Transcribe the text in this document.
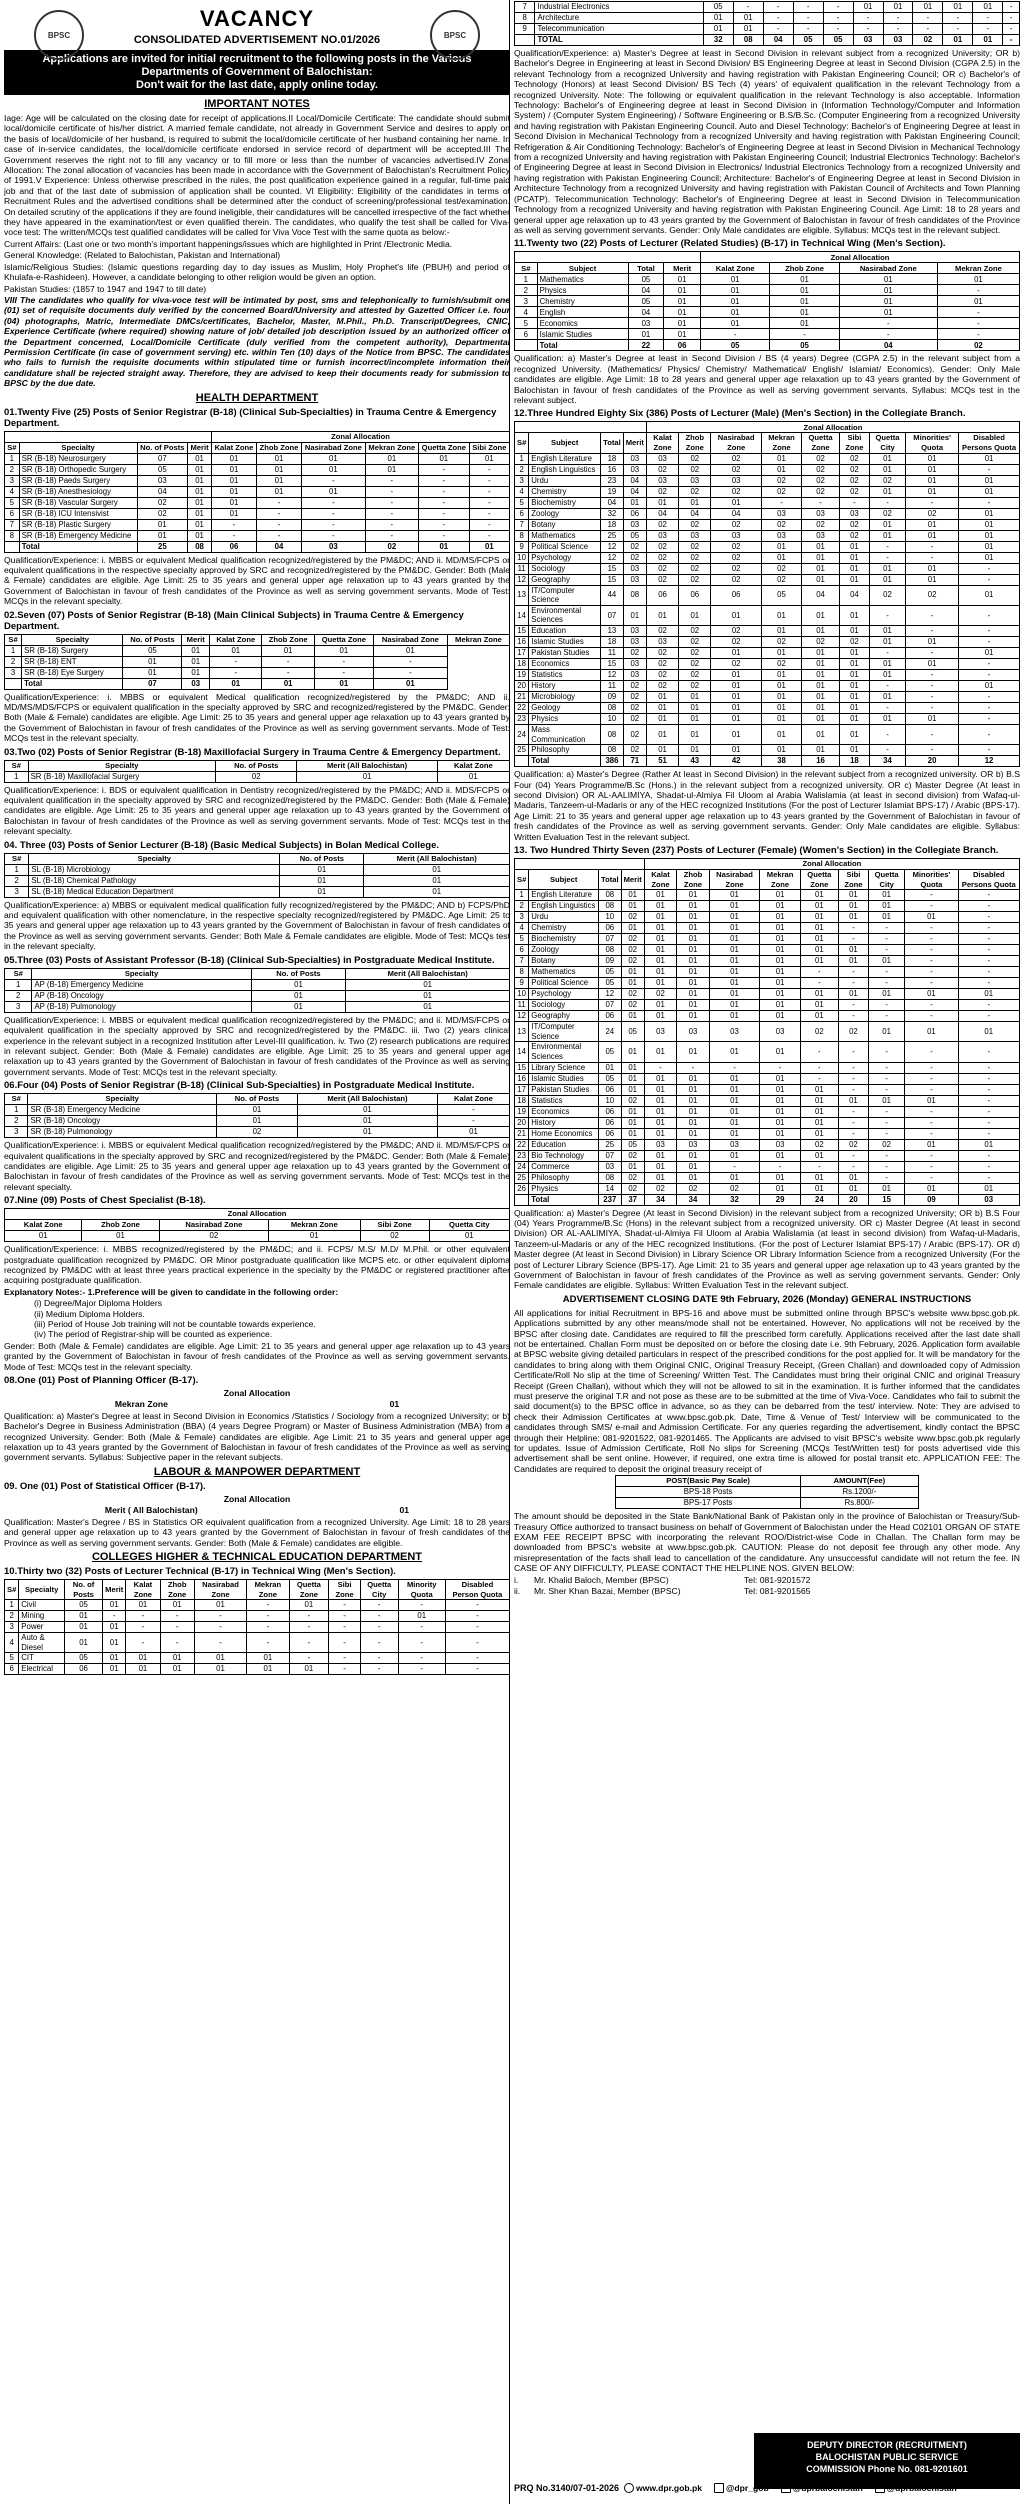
BPSC	BPSC
VACANCY
CONSOLIDATED ADVERTISEMENT NO.01/2026
Applications are invited for initial recruitment to the following posts in the Various Departments of Government of Balochistan:
Don't wait for the last date, apply online today.
IMPORTANT NOTES
Iage: Age will be calculated on the closing date for receipt of applications.II Local/Domicile Certificate: The candidate should submit local/domicile certificate of his/her district. A married female candidate, not already in Government Service and desires to apply on the basis of local/domicile of her husband, is required to submit the local/domicile certificate of her husband containing her name. In case of in-service candidates, the local/domicile certificate endorsed in service record of department will be accepted.III The Government reserves the right not to fill any vacancy or to fill more or less than the number of vacancies advertised.IV Zonal Allocation: The zonal allocation of vacancies has been made in accordance with the Government of Balochistan's Recruitment Policy of 1991.V Experience: Unless otherwise prescribed in the rules, the post qualification experience gained in a regular, full-time paid job and that of the last date of submission of application shall be counted. VI Eligibility: Eligibility of the candidates in terms of Recruitment Rules and the advertised conditions shall be determined after the conduct of screening/professional test/examination. On detailed scrutiny of the applications if they are found ineligible, their candidatures will be cancelled irrespective of the fact whether they have appeared in the examination/test or even qualified therein. The candidates, who qualify the test shall be called for Viva-voce test: The written/MCQs test qualified candidates will be called for Viva Voce Test with the same quota as below:-
Current Affairs: (Last one or two month's important happenings/issues which are highlighted in Print /Electronic Media.
General Knowledge: (Related to Balochistan, Pakistan and International)
Islamic/Religious Studies: (Islamic questions regarding day to day issues as Muslim, Holy Prophet's life (PBUH) and period of Khulafa-e-Rashideen). However, a candidate belonging to other religion would be given an option.
Pakistan Studies: (1857 to 1947 and 1947 to till date)
VIII The candidates who qualify for viva-voce test will be intimated by post, sms and telephonically to furnish/submit one (01) set of requisite documents duly verified by the concerned Board/University and attested by Gazetted Officer i.e. four (04) photographs, Matric, Intermediate DMCs/certificates, Bachelor, Master, M.Phil., Ph.D. Transcript/Degrees, CNIC, Experience Certificate (where required) showing nature of job/ detailed job description issued by an authorized officer of the Department concerned, Local/Domicile Certificate (duly verified from the competent authority), Departmental Permission Certificate (in case of government serving) etc. within Ten (10) days of the Notice from BPSC. The candidates who fails to furnish the requisite documents within stipulated time or furnish incorrect/incomplete information their candidature shall be rejected straight away. Therefore, they are advised to keep their documents ready for submission to BPSC by the due date.
HEALTH DEPARTMENT
01.Twenty Five (25) Posts of Senior Registrar (B-18) (Clinical Sub-Specialties) in Trauma Centre & Emergency Department.
				Zonal Allocation					
S#	Specialty	No. of Posts	Merit	Kalat Zone	Zhob Zone	Nasirabad Zone	Mekran Zone	Quetta Zone	Sibi Zone
1	SR (B-18) Neurosurgery	07	01	01	01	01	01	01	01
2	SR (B-18) Orthopedic Surgery	05	01	01	01	01	01	-	-
3	SR (B-18) Paeds Surgery	03	01	01	01	-	-	-	-
4	SR (B-18) Anesthesiology	04	01	01	01	01	-	-	-
5	SR (B-18) Vascular Surgery	02	01	01	-	-	-	-	-
6	SR (B-18) ICU Intensivist	02	01	01	-	-	-	-	-
7	SR (B-18) Plastic Surgery	01	01	-	-	-	-	-	-
8	SR (B-18) Emergency Medicine	01	01	-	-	-	-	-	-
	Total	25	08	06	04	03	02	01	01
Qualification/Experience: i. MBBS or equivalent Medical qualification recognized/registered by the PM&DC; AND ii. MD/MS/FCPS or equivalent qualifications in the respective specialty approved by SRC and recognized/registered by the PM&DC. Gender: Both (Male & Female) candidates are eligible. Age Limit: 25 to 35 years and general upper age relaxation up to 43 years granted by the Government of Balochistan in favour of fresh candidates of the Province as well as serving government servants. Mode of Test: MCQs in the relevant specialty.
02.Seven (07) Posts of Senior Registrar (B-18) (Main Clinical Subjects) in Trauma Centre & Emergency Department.
S#	Specialty	No. of Posts	Merit	Kalat Zone	Zhob Zone	Quetta Zone	Nasirabad Zone	Mekran Zone
1	SR (B-18) Surgery	05	01	01	01	01	01	
2	SR (B-18) ENT	01	01	-	-	-	-	
3	SR (B-18) Eye Surgery	01	01	-	-	-	-	
	Total	07	03	01	01	01	01	
Qualification/Experience: i. MBBS or equivalent Medical qualification recognized/registered by the PM&DC; AND ii. MD/MS/MDS/FCPS or equivalent qualification in the specialty approved by SRC and recognized/registered by the PM&DC. Gender: Both (Male & Female) candidates are eligible. Age Limit: 25 to 35 years and general upper age relaxation up to 43 years granted by the Government of Balochistan in favour of fresh candidates of the Province as well as serving government servants. Mode of Test: MCQs test in the relevant specialty.
03.Two (02) Posts of Senior Registrar (B-18) Maxillofacial Surgery in Trauma Centre & Emergency Department.
S#	Specialty	No. of Posts	Merit (All Balochistan)	Kalat Zone
1	SR (B-18) Maxillofacial Surgery	02	01	01
Qualification/Experience: i. BDS or equivalent qualification in Dentistry recognized/registered by the PM&DC; AND ii. MDS/FCPS or equivalent qualification in the specialty approved by SRC and recognized/registered by the PM&DC. Gender: Both (Male & Female) candidates are eligible. Age Limit: 25 to 35 years and general upper age relaxation up to 43 years granted by the Government of Balochistan in favour of fresh candidates of the Province as well as serving government servants. Mode of Test: MCQs test in the relevant specialty.
04. Three (03) Posts of Senior Lecturer (B-18) (Basic Medical Subjects) in Bolan Medical College.
S#	Specialty	No. of Posts	Merit (All Balochistan)
1	SL (B-18) Microbiology	01	01
2	SL (B-18) Chemical Pathology	01	01
3	SL (B-18) Medical Education Department	01	01
Qualification/Experience: a) MBBS or equivalent medical qualification fully recognized/registered by the PM&DC; AND b) FCPS/PhD and equivalent qualification with other nomenclature, in the respective specialty recognized/registered by PM&DC. Age Limit: 25 to 35 years and general upper age relaxation up to 43 years granted by the Government of Balochistan in favour of fresh candidates of the Province as well as serving government servants. Gender: Both Male & Female candidates are eligible. Mode of Test: MCQs test in the relevant specialty.
05.Three (03) Posts of Assistant Professor (B-18) (Clinical Sub-Specialties) in Postgraduate Medical Institute.
S#	Specialty	No. of Posts	Merit (All Balochistan)
1	AP (B-18) Emergency Medicine	01	01
2	AP (B-18) Oncology	01	01
3	AP (B-18) Pulmonology	01	01
Qualification/Experience: i. MBBS or equivalent medical qualification recognized/registered by the PM&DC; and ii. MD/MS/FCPS or equivalent qualification in the specialty approved by SRC and recognized/registered by the PM&DC. iii. Two (2) years clinical experience in the relevant subject in a recognized Institution after Level-III qualification. iv. Two (2) research publications are required in relevant subject. Gender: Both (Male & Female) candidates are eligible. Age Limit: 25 to 35 years and general upper age relaxation up to 43 years granted by the Government of Balochistan in favour of fresh candidates of the Province as well as serving government servants. Mode of Test: MCQs test in the relevant specialty.
06.Four (04) Posts of Senior Registrar (B-18) (Clinical Sub-Specialties) in Postgraduate Medical Institute.
S#	Specialty	No. of Posts	Merit (All Balochistan)	Kalat Zone
1	SR (B-18) Emergency Medicine	01	01	-
2	SR (B-18) Oncology	01	01	-
3	SR (B-18) Pulmonology	02	01	01
Qualification/Experience: i. MBBS or equivalent Medical qualification recognized/registered by the PM&DC; AND ii. MD/MS/FCPS or equivalent qualifications in the specialty approved by SRC and recognized/registered by the PM&DC. Gender: Both (Male & Female) candidates are eligible. Age Limit: 25 to 35 years and general upper age relaxation up to 43 years granted by the Government of Balochistan in favour of fresh candidates of the Province as well as serving government servants. Mode of Test: MCQs test in the relevant specialty.
07.Nine (09) Posts of Chest Specialist (B-18).
Zonal Allocation					
Kalat Zone	Zhob Zone	Nasirabad Zone	Mekran Zone	Sibi Zone	Quetta City
01	01	02	01	02	01
Qualification/Experience: i. MBBS recognized/registered by the PM&DC; and ii. FCPS/ M.S/ M.D/ M.Phil. or other equivalent postgraduate qualification recognized by PM&DC. OR Minor postgraduate qualification like MCPS etc. or other equivalent diploma recognized by PM&DC with at least three years practical experience in the specialty by the PM&DC or registered practitioner after acquiring postgraduate qualification.
Explanatory Notes:- 1.Preference will be given to candidate in the following order:
(i) Degree/Major Diploma Holders
(ii) Medium Diploma Holders.
(iii) Period of House Job training will not be countable towards experience.
(iv) The period of Registrar-ship will be counted as experience.
Gender: Both (Male & Female) candidates are eligible. Age Limit: 21 to 35 years and general upper age relaxation up to 43 years granted by the Government of Balochistan in favour of fresh candidates of the Province as well as serving government servants. Mode of Test: MCQs test in the relevant specialty.
08.One (01) Post of Planning Officer (B-17).
Zonal Allocation
Mekran Zone	01
Qualification: a) Master's Degree at least in Second Division in Economics /Statistics / Sociology from a recognized University; or b) Bachelor's Degree in Business Administration (BBA) (4 years Degree Program) or Master of Business Administration (MBA) from a recognized University. Gender: Both (Male & Female) candidates are eligible. Age Limit: 21 to 35 years and general upper age relaxation up to 43 years granted by the Government of Balochistan in favour of fresh candidates of the Province as well as serving government servants. Syllabus: Subjective paper in the relevant subjects.
LABOUR & MANPOWER DEPARTMENT
09. One (01) Post of Statistical Officer (B-17).
Zonal Allocation
Merit ( All Balochistan)	01
Qualification: Master's Degree / BS in Statistics OR equivalent qualification from a recognized University. Age Limit: 18 to 28 years and general upper age relaxation up to 43 years granted by the Government of Balochistan in favour of fresh candidates of the Province as well as serving government servants. Gender: Both (Male & Female) candidates are eligible.
COLLEGES HIGHER & TECHNICAL EDUCATION DEPARTMENT
10.Thirty two (32) Posts of Lecturer Technical (B-17) in Technical Wing (Men's Section).
S#	Specialty	No. of Posts	Merit	Kalat Zone	Zhob Zone	Nasirabad Zone	Mekran Zone	Quetta Zone	Sibi Zone	Quetta City	Minority Quota	Disabled Person Quota
1	Civil	05	01	01	01	01	-	01	-	-	-	-
2	Mining	01	-	-	-	-	-	-	-	-	01	-
3	Power	01	01	-	-	-	-	-	-	-	-	-
4	Auto & Diesel	01	01	-	-	-	-	-	-	-	-	-
5	CIT	05	01	01	01	01	01	-	-	-	-	-
6	Electrical	06	01	01	01	01	01	01	-	-	-	-
7	Industrial Electronics	05	-	-	-	-	01	01	01	01	01	-
8	Architecture	01	01	-	-	-	-	-	-	-	-	-
9	Telecommunication	01	01	-	-	-	-	-	-	-	-	-
	TOTAL	32	08	04	05	05	03	03	02	01	01	-
Qualification/Experience: a) Master's Degree at least in Second Division in relevant subject from a recognized University; OR b) Bachelor's Degree in Engineering at least in Second Division/ BS Engineering Degree at least in Second Division (CGPA 2.5) in the relevant Technology from a recognized University and having registration with Pakistan Engineering Council; OR c) Bachelor's of Technology (Honors) at least Second Division/ BS Tech (4) years' of equivalent qualification in the relevant Technology from a recognized University. Note: The following or equivalent qualification in the relevant Technology is also acceptable. Information Technology: Bachelor's of Engineering degree at least in Second Division in (Information Technology/Computer and Information System) / (Computer System Engineering) / Software Engineering or B.S/B.Sc. (Computer Engineering from a recognized University and having registration with Pakistan Engineering Council. Auto and Diesel Technology: Bachelor's of Engineering Degree at least in Second Division in Mechanical Technology from a recognized University and having registration with Pakistan Engineering Council; Refrigeration & Air Conditioning Technology: Bachelor's of Engineering Degree at least in Second Division in Mechanical Technology from a recognized University and having registration with Pakistan Engineering Council; Industrial Electronics Technology: Bachelor's of Engineering Degree at least in Second Division in Electronics/ Industrial Electronics Technology from a recognized University and having registration with Pakistan Engineering Council; Architecture: Bachelor's of Engineering Degree at least in Second Division in Architecture Technology from a recognized University and having registration with Pakistan Council of Architects and Town Planning (PCATP). Telecommunication Technology: Bachelor's of Engineering Degree at least in Second Division in Telecommunication Technology from a recognized University and having registration with Pakistan Engineering Council. Age Limit: 18 to 28 years and general upper age relaxation up to 43 years granted by the Government of Balochistan in favour of fresh candidates of the Province as well as serving government servants. Gender: Only Male candidates are eligible. Syllabus: MCQs test in the relevant subject.
11.Twenty two (22) Posts of Lecturer (Related Studies) (B-17) in Technical Wing (Men's Section).
				Zonal Allocation			
S#	Subject	Total	Merit	Kalat Zone	Zhob Zone	Nasirabad Zone	Mekran Zone
1	Mathematics	05	01	01	01	01	01
2	Physics	04	01	01	01	01	-
3	Chemistry	05	01	01	01	01	01
4	English	04	01	01	01	01	-
5	Economics	03	01	01	01	-	-
6	Islamic Studies	01	01	-	-	-	-
	Total	22	06	05	05	04	02
Qualification: a) Master's Degree at least in Second Division / BS (4 years) Degree (CGPA 2.5) in the relevant subject from a recognized University. (Mathematics/ Physics/ Chemistry/ Mathematical/ English/ Islamiat/ Economics). Gender: Only Male candidates are eligible. Age Limit: 18 to 28 years and general upper age relaxation up to 43 years granted by the Government of Balochistan in favour of fresh candidates of the Province as well as serving government servants. Syllabus: MCQs test in the relevant subject.
12.Three Hundred Eighty Six (386) Posts of Lecturer (Male) (Men's Section) in the Collegiate Branch.
				Zonal Allocation								
S#	Subject	Total	Merit	Kalat Zone	Zhob Zone	Nasirabad Zone	Mekran Zone	Quetta Zone	Sibi Zone	Quetta City	Minorities' Quota	Disabled Persons Quota
1	English Literature	18	03	03	02	02	01	02	02	01	01	01
2	English Linguistics	16	03	02	02	02	01	02	02	01	01	-
3	Urdu	23	04	03	03	03	02	02	02	02	01	01
4	Chemistry	19	04	02	02	02	02	02	02	01	01	01
5	Biochemistry	04	01	01	01	01	-	-	-	-	-	-
6	Zoology	32	06	04	04	04	03	03	03	02	02	01
7	Botany	18	03	02	02	02	02	02	02	01	01	01
8	Mathematics	25	05	03	03	03	03	03	02	01	01	01
9	Political Science	12	02	02	02	02	01	01	01	-	-	01
10	Psychology	12	02	02	02	02	01	01	01	-	-	01
11	Sociology	15	03	02	02	02	02	01	01	01	01	-
12	Geography	15	03	02	02	02	02	01	01	01	01	-
13	IT/Computer Science	44	08	06	06	06	05	04	04	02	02	01
14	Environmental Sciences	07	01	01	01	01	01	01	01	-	-	-
15	Education	13	03	02	02	02	01	01	01	01	-	-
16	Islamic Studies	18	03	03	02	02	02	02	02	01	01	-
17	Pakistan Studies	11	02	02	02	01	01	01	01	-	-	01
18	Economics	15	03	02	02	02	02	01	01	01	01	-
19	Statistics	12	03	02	02	01	01	01	01	01	-	-
20	History	11	02	02	02	01	01	01	01	-	-	01
21	Microbiology	09	02	01	01	01	01	01	01	01	-	-
22	Geology	08	02	01	01	01	01	01	01	-	-	-
23	Physics	10	02	01	01	01	01	01	01	01	01	-
24	Mass Communication	08	02	01	01	01	01	01	01	-	-	-
25	Philosophy	08	02	01	01	01	01	01	01	-	-	-
	Total	386	71	51	43	42	38	16	18	34	20	12
Qualification: a) Master's Degree (Rather At least in Second Division) in the relevant subject from a recognized university. OR b) B.S Four (04) Years Programme/B.Sc (Hons.) in the relevant subject from a recognized university. OR c) Master Degree (At least in second Division) OR AL-AALIMIYA, Shadat-ul-Almiya Fil Uloom al Arabia Walislamia (at least in second division) from Wafaq-ul-Madaris, Tanzeem-ul-Madaris or any of the HEC recognized Institutions (For the post of Lecturer Islamiat BPS-17) / Arabic (BPS-17). Age Limit: 21 to 35 years and general upper age relaxation up to 43 years granted by the Government of Balochistan in favour of fresh candidates of the Province as well as serving government servants. Gender: Only Male candidates are eligible. Syllabus: Written Evaluation Test in the relevant subject.
13. Two Hundred Thirty Seven (237) Posts of Lecturer (Female) (Women's Section) in the Collegiate Branch.
				Zonal Allocation								
S#	Subject	Total	Merit	Kalat Zone	Zhob Zone	Nasirabad Zone	Mekran Zone	Quetta Zone	Sibi Zone	Quetta City	Minorities' Quota	Disabled Persons Quota
1	English Literature	08	01	01	01	01	01	01	01	01	-	-
2	English Linguistics	08	01	01	01	01	01	01	01	01	-	-
3	Urdu	10	02	01	01	01	01	01	01	01	01	-
4	Chemistry	06	01	01	01	01	01	01	-	-	-	-
5	Biochemistry	07	02	01	01	01	01	01	-	-	-	-
6	Zoology	08	02	01	01	01	01	01	01	-	-	-
7	Botany	09	02	01	01	01	01	01	01	01	-	-
8	Mathematics	05	01	01	01	01	01	-	-	-	-	-
9	Political Science	05	01	01	01	01	01	-	-	-	-	-
10	Psychology	12	02	02	01	01	01	01	01	01	01	01
11	Sociology	07	02	01	01	01	01	01	-	-	-	-
12	Geography	06	01	01	01	01	01	01	-	-	-	-
13	IT/Computer Science	24	05	03	03	03	03	02	02	01	01	01
14	Environmental Sciences	05	01	01	01	01	01	-	-	-	-	-
15	Library Science	01	01	-	-	-	-	-	-	-	-	-
16	Islamic Studies	05	01	01	01	01	01	-	-	-	-	-
17	Pakistan Studies	06	01	01	01	01	01	01	-	-	-	-
18	Statistics	10	02	01	01	01	01	01	01	01	01	-
19	Economics	06	01	01	01	01	01	01	-	-	-	-
20	History	06	01	01	01	01	01	01	-	-	-	-
21	Home Economics	06	01	01	01	01	01	01	-	-	-	-
22	Education	25	05	03	03	03	03	02	02	02	01	01
23	Bio Technology	07	02	01	01	01	01	01	-	-	-	-
24	Commerce	03	01	01	01	-	-	-	-	-	-	-
25	Philosophy	08	02	01	01	01	01	01	01	-	-	-
26	Physics	14	02	02	02	02	01	01	01	01	01	01
	Total	237	37	34	34	32	29	24	20	15	09	03
Qualification: a) Master's Degree (At least in Second Division) in the relevant subject from a recognized University; OR b) B.S Four (04) Years Programme/B.Sc (Hons) in the relevant subject from a recognized university. OR c) Master Degree (At least in second Division) OR AL-AALIMIYA, Shadat-ul-Almiya Fil Uloom al Arabia Walislamia (at least in second division) from Wafaq-ul-Madaris, Tanzeem-ul-Madaris or any of the HEC recognized Institutions. (For the post of Lecturer Islamiat BPS-17) / Arabic (BPS-17). OR d) Master degree (At least in Second Division) in Library Science OR Library Information Science from a recognized University (For the post of Lecturer Library Science (BPS-17). Age Limit: 21 to 35 years and general upper age relaxation up to 43 years granted by the Government of Balochistan in favour of fresh candidates of the Province as well as serving government servants. Gender: Only Female candidates are eligible. Syllabus: Written Evaluation Test in the relevant subject.
ADVERTISEMENT CLOSING DATE 9th February, 2026 (Monday) GENERAL INSTRUCTIONS
All applications for initial Recruitment in BPS-16 and above must be submitted online through BPSC's website www.bpsc.gob.pk. Applications submitted by any other means/mode shall not be entertained. However, No applications will not be received by the BPSC after closing date. Candidates are required to fill the prescribed form carefully. Applications received after the last date shall not be entertained. Challan Form must be deposited on or before the closing date i.e. 9th February, 2026. Application form available at BPSC website giving detailed particulars in respect of the prescribed conditions for the post applied for. It will be mandatory for the candidates to bring along with them Original CNIC, Original Treasury Receipt, (Green Challan) and downloaded copy of Admission Certificate/Roll No slip at the time of Screening/ Written Test. The Candidates must bring their original CNIC and original Treasury Receipt (Green Challan), without which they will not be allowed to sit in the examination. It is further informed that the candidates must preserve the original T.R and not pose as these are to be submitted at the time of Viva-Voce. Candidates who fail to submit the said document(s) to the BPSC office in advance, so as they can be debarred from the test/ interview. Note: They are advised to check their Admission Certificates at www.bpsc.gob.pk. Date, Time & Venue of Test/ Interview will be communicated to the candidates through SMS/ e-mail and Admission Certificate. For any queries regarding the advertisement, kindly contact the BPSC through their Helpline: 081-9201522, 081-9201465. The Applicants are advised to visit BPSC's website www.bpsc.gob.pk regularly for updates. Issue of Admission Certificate, Roll No slips for Screening (MCQs Test/Written test) for posts advertised vide this advertisement shall be sent online. However, if required, one extra time is allowed for postal transit etc. APPLICATION FEE: The Candidates are required to deposit the original treasury receipt of
POST(Basic Pay Scale)	AMOUNT(Fee)
BPS-18 Posts	Rs.1200/-
BPS-17 Posts	Rs.800/-
The amount should be deposited in the State Bank/National Bank of Pakistan only in the province of Balochistan or Treasury/Sub-Treasury Office authorized to transact business on behalf of Government of Balochistan under the Head C02101 ORGAN OF STATE EXAM FEE RECEIPT BPSC with incorporating the relevant ROO/District-wise Code in Challan. The Challan form may be downloaded from BPSC's website at www.bpsc.gob.pk. CAUTION: Please do not deposit fee through any other mode. Any misrepresentation of the facts shall lead to cancellation of the candidature. Any unsuccessful candidate will not return the fee. IN CASE OF ANY DIFFICULTY, PLEASE CONTACT THE HELPLINE NOS. GIVEN BELOW:
i.	Mr. Khalid Baloch, Member (BPSC)	Tel: 081-9201572
ii.	Mr. Sher Khan Bazai, Member (BPSC)	Tel: 081-9201565
DEPUTY DIRECTOR (RECRUITMENT)
BALOCHISTAN PUBLIC SERVICE
COMMISSION Phone No. 081-9201601
PRQ No.3140/07-01-2026 www.dpr.gob.pk	@dpr_gob	@dprbalochistan	@dprbalochistan
